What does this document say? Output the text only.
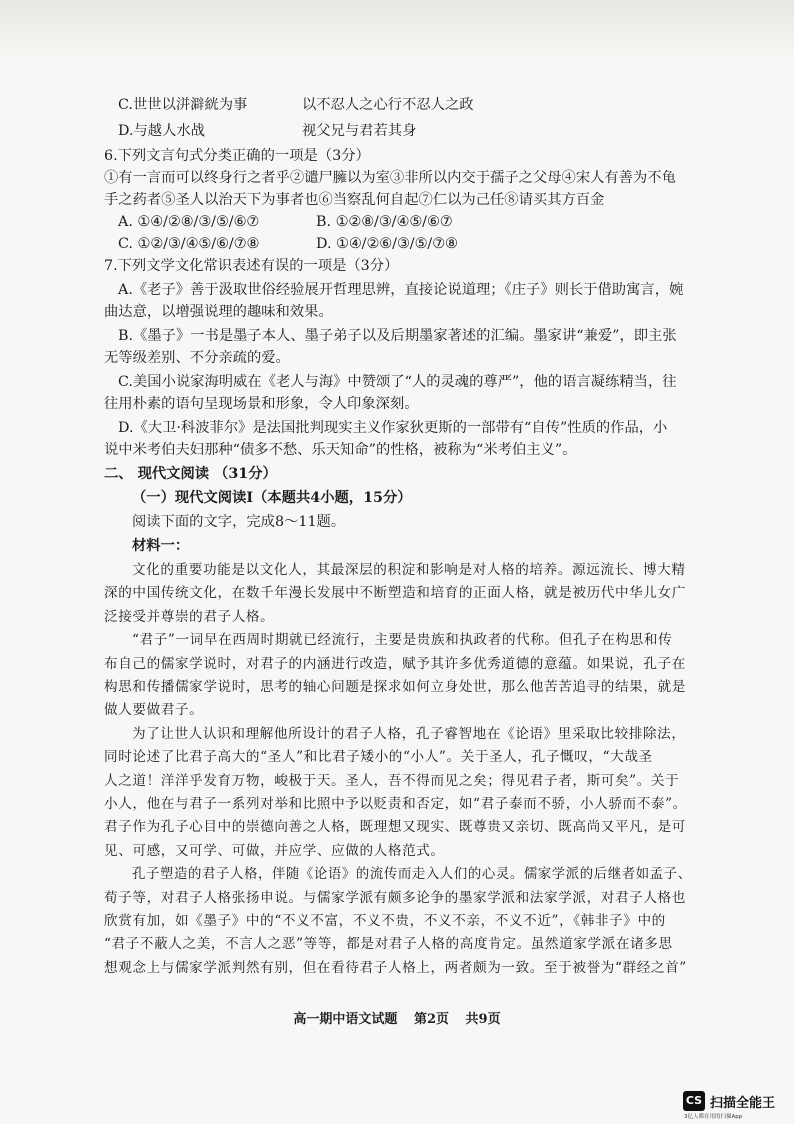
C.世世以洴澼絖为事	以不忍人之心行不忍人之政
D.与越人水战	视父兄与君若其身
6.下列文言句式分类正确的一项是（3分）
①有一言而可以终身行之者乎②谴尸臃以为室③非所以内交于孺子之父母④宋人有善为不龟
手之药者⑤圣人以治天下为事者也⑥当察乱何自起⑦仁以为己任⑧请买其方百金
A. ①④/②⑧/③/⑤/⑥⑦	B. ①②⑧/③/④⑤/⑥⑦
C. ①②/③/④⑤/⑥/⑦⑧	D. ①④/②⑥/③/⑤/⑦⑧
7.下列文学文化常识表述有误的一项是（3分）
A.《老子》善于汲取世俗经验展开哲理思辨，直接论说道理；《庄子》则长于借助寓言，婉
曲达意，以增强说理的趣味和效果。
B.《墨子》一书是墨子本人、墨子弟子以及后期墨家著述的汇编。墨家讲“兼爱”，即主张
无等级差别、不分亲疏的爱。
C.美国小说家海明威在《老人与海》中赞颂了“人的灵魂的尊严”，他的语言凝练精当，往
往用朴素的语句呈现场景和形象，令人印象深刻。
D.《大卫·科波菲尔》是法国批判现实主义作家狄更斯的一部带有“自传”性质的作品，小
说中米考伯夫妇那种“债多不愁、乐天知命”的性格，被称为“米考伯主义”。
二、 现代文阅读 （31分）
（一）现代文阅读Ⅰ（本题共4小题，15分）
阅读下面的文字，完成8～11题。
材料一：
文化的重要功能是以文化人，其最深层的积淀和影响是对人格的培养。源远流长、博大精
深的中国传统文化，在数千年漫长发展中不断塑造和培育的正面人格，就是被历代中华儿女广
泛接受并尊崇的君子人格。
“君子”一词早在西周时期就已经流行，主要是贵族和执政者的代称。但孔子在构思和传
布自己的儒家学说时，对君子的内涵进行改造，赋予其许多优秀道德的意蕴。如果说，孔子在
构思和传播儒家学说时，思考的轴心问题是探求如何立身处世，那么他苦苦追寻的结果，就是
做人要做君子。
为了让世人认识和理解他所设计的君子人格，孔子睿智地在《论语》里采取比较排除法，
同时论述了比君子高大的“圣人”和比君子矮小的“小人”。关于圣人，孔子慨叹，“大哉圣
人之道！洋洋乎发育万物，峻极于天。圣人，吾不得而见之矣；得见君子者，斯可矣”。关于
小人，他在与君子一系列对举和比照中予以贬责和否定，如“君子泰而不骄，小人骄而不泰”。
君子作为孔子心目中的崇德向善之人格，既理想又现实、既尊贵又亲切、既高尚又平凡，是可
见、可感，又可学、可做，并应学、应做的人格范式。
孔子塑造的君子人格，伴随《论语》的流传而走入人们的心灵。儒家学派的后继者如孟子、
荀子等，对君子人格张扬申说。与儒家学派有颇多论争的墨家学派和法家学派，对君子人格也
欣赏有加，如《墨子》中的“不义不富，不义不贵，不义不亲，不义不近”，《韩非子》中的
“君子不蔽人之美，不言人之恶”等等，都是对君子人格的高度肯定。虽然道家学派在诸多思
想观念上与儒家学派判然有别，但在看待君子人格上，两者颇为一致。至于被誉为“群经之首”
高一期中语文试题 第2页 共9页
CS 扫描全能王
3亿人都在用的扫描App
